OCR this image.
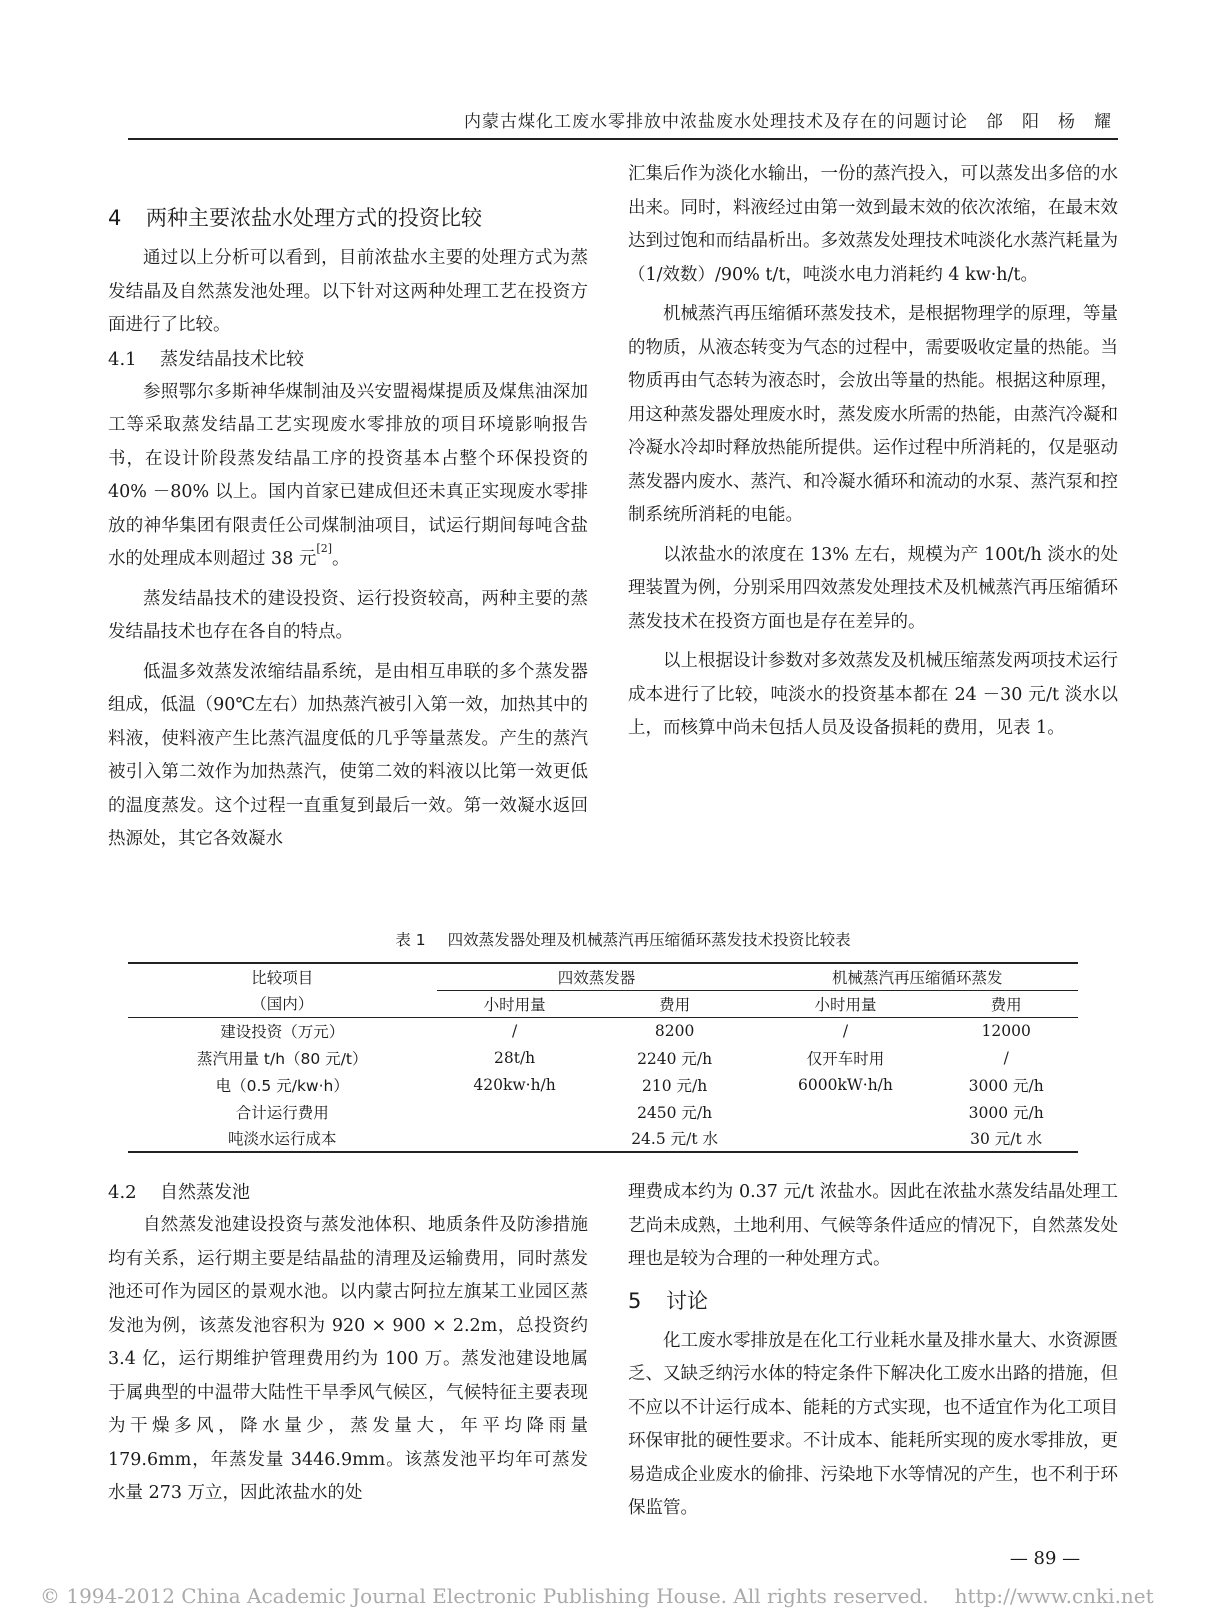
内蒙古煤化工废水零排放中浓盐废水处理技术及存在的问题讨论　郃　阳　杨　耀
4 两种主要浓盐水处理方式的投资比较

通过以上分析可以看到，目前浓盐水主要的处理方式为蒸发结晶及自然蒸发池处理。以下针对这两种处理工艺在投资方面进行了比较。

4.1 蒸发结晶技术比较

参照鄂尔多斯神华煤制油及兴安盟褐煤提质及煤焦油深加工等采取蒸发结晶工艺实现废水零排放的项目环境影响报告书，在设计阶段蒸发结晶工序的投资基本占整个环保投资的 40% －80% 以上。国内首家已建成但还未真正实现废水零排放的神华集团有限责任公司煤制油项目，试运行期间每吨含盐水的处理成本则超过 38 元[2]。

蒸发结晶技术的建设投资、运行投资较高，两种主要的蒸发结晶技术也存在各自的特点。

低温多效蒸发浓缩结晶系统，是由相互串联的多个蒸发器组成，低温（90℃左右）加热蒸汽被引入第一效，加热其中的料液，使料液产生比蒸汽温度低的几乎等量蒸发。产生的蒸汽被引入第二效作为加热蒸汽，使第二效的料液以比第一效更低的温度蒸发。这个过程一直重复到最后一效。第一效凝水返回热源处，其它各效凝水

汇集后作为淡化水输出，一份的蒸汽投入，可以蒸发出多倍的水出来。同时，料液经过由第一效到最末效的依次浓缩，在最末效达到过饱和而结晶析出。多效蒸发处理技术吨淡化水蒸汽耗量为（1/效数）/90% t/t，吨淡水电力消耗约 4 kw·h/t。

机械蒸汽再压缩循环蒸发技术，是根据物理学的原理，等量的物质，从液态转变为气态的过程中，需要吸收定量的热能。当物质再由气态转为液态时，会放出等量的热能。根据这种原理，用这种蒸发器处理废水时，蒸发废水所需的热能，由蒸汽冷凝和冷凝水冷却时释放热能所提供。运作过程中所消耗的，仅是驱动蒸发器内废水、蒸汽、和冷凝水循环和流动的水泵、蒸汽泵和控制系统所消耗的电能。

以浓盐水的浓度在 13% 左右，规模为产 100t/h 淡水的处理装置为例，分别采用四效蒸发处理技术及机械蒸汽再压缩循环蒸发技术在投资方面也是存在差异的。

以上根据设计参数对多效蒸发及机械压缩蒸发两项技术运行成本进行了比较，吨淡水的投资基本都在 24 －30 元/t 淡水以上，而核算中尚未包括人员及设备损耗的费用，见表 1。

表 1 四效蒸发器处理及机械蒸汽再压缩循环蒸发技术投资比较表
比较项目	四效蒸发器		机械蒸汽再压缩循环蒸发	
（国内）	小时用量	费用	小时用量	费用
建设投资（万元）	/	8200	/	12000
蒸汽用量 t/h（80 元/t）	28t/h	2240 元/h	仅开车时用	/
电（0.5 元/kw·h）	420kw·h/h	210 元/h	6000kW·h/h	3000 元/h
合计运行费用		2450 元/h		3000 元/h
吨淡水运行成本		24.5 元/t 水		30 元/t 水
4.2 自然蒸发池

自然蒸发池建设投资与蒸发池体积、地质条件及防渗措施均有关系，运行期主要是结晶盐的清理及运输费用，同时蒸发池还可作为园区的景观水池。以内蒙古阿拉左旗某工业园区蒸发池为例，该蒸发池容积为 920 × 900 × 2.2m，总投资约 3.4 亿，运行期维护管理费用约为 100 万。蒸发池建设地属于属典型的中温带大陆性干旱季风气候区，气候特征主要表现为干燥多风，降水量少，蒸发量大，年平均降雨量 179.6mm，年蒸发量 3446.9mm。该蒸发池平均年可蒸发水量 273 万立，因此浓盐水的处

理费成本约为 0.37 元/t 浓盐水。因此在浓盐水蒸发结晶处理工艺尚未成熟，土地利用、气候等条件适应的情况下，自然蒸发处理也是较为合理的一种处理方式。

5 讨论

化工废水零排放是在化工行业耗水量及排水量大、水资源匮乏、又缺乏纳污水体的特定条件下解决化工废水出路的措施，但不应以不计运行成本、能耗的方式实现，也不适宜作为化工项目环保审批的硬性要求。不计成本、能耗所实现的废水零排放，更易造成企业废水的偷排、污染地下水等情况的产生，也不利于环保监管。

— 89 —
© 1994-2012 China Academic Journal Electronic Publishing House. All rights reserved. http://www.cnki.net
